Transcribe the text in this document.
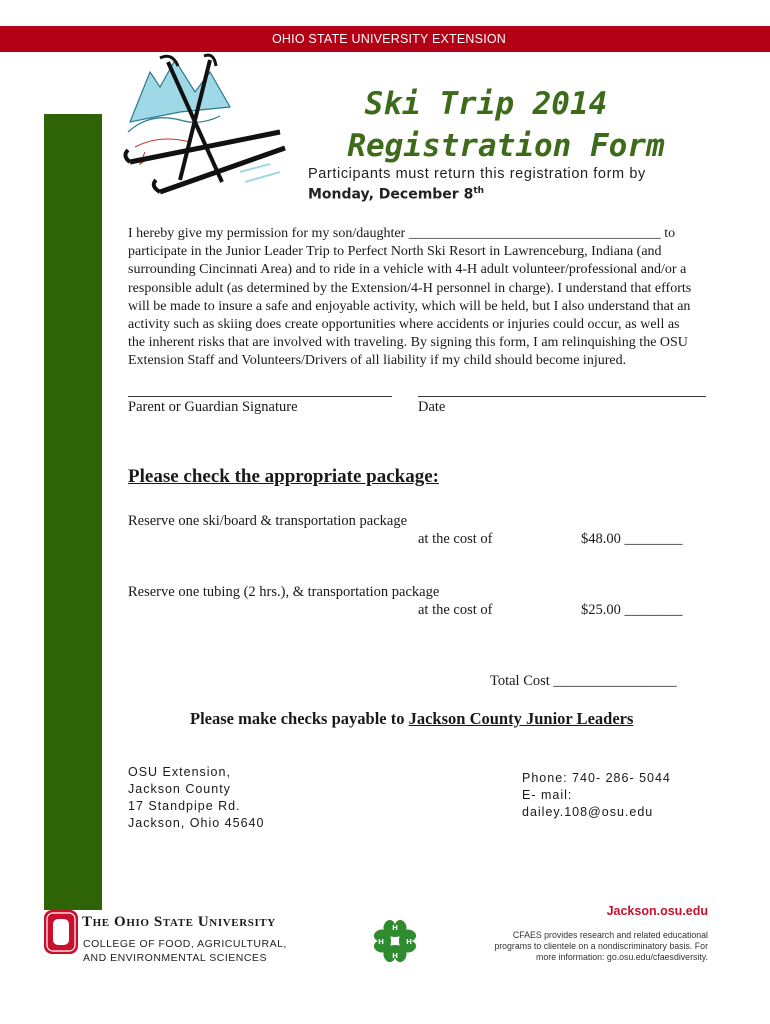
OHIO STATE UNIVERSITY EXTENSION
Ski Trip 2014
Registration Form
Participants must return this registration form by
Monday, December 8th

I hereby give my permission for my son/daughter ____________________________________ to

participate in the Junior Leader Trip to Perfect North Ski Resort in Lawrenceburg, Indiana (and

surrounding Cincinnati Area) and to ride in a vehicle with 4-H adult volunteer/professional and/or a

responsible adult (as determined by the Extension/4-H personnel in charge). I understand that efforts

will be made to insure a safe and enjoyable activity, which will be held, but I also understand that an

activity such as skiing does create opportunities where accidents or injuries could occur, as well as

the inherent risks that are involved with traveling. By signing this form, I am relinquishing the OSU

Extension Staff and Volunteers/Drivers of all liability if my child should become injured.

Parent or Guardian Signature	Date
Please check the appropriate package:
Reserve one ski/board & transportation package
at the cost of	$48.00 ________
Reserve one tubing (2 hrs.), & transportation package
at the cost of	$25.00 ________
Total Cost _________________
Please make checks payable to Jackson County Junior Leaders
OSU Extension,
Jackson County
17 Standpipe Rd.
Jackson, Ohio 45640
Phone: 740- 286- 5044
E- mail:
dailey.108@osu.edu
The Ohio State University
COLLEGE OF FOOD, AGRICULTURAL,
AND ENVIRONMENTAL SCIENCES
H
H
H	H
Jackson.osu.edu
CFAES provides research and related educational
programs to clientele on a nondiscriminatory basis. For
more information: go.osu.edu/cfaesdiversity.
